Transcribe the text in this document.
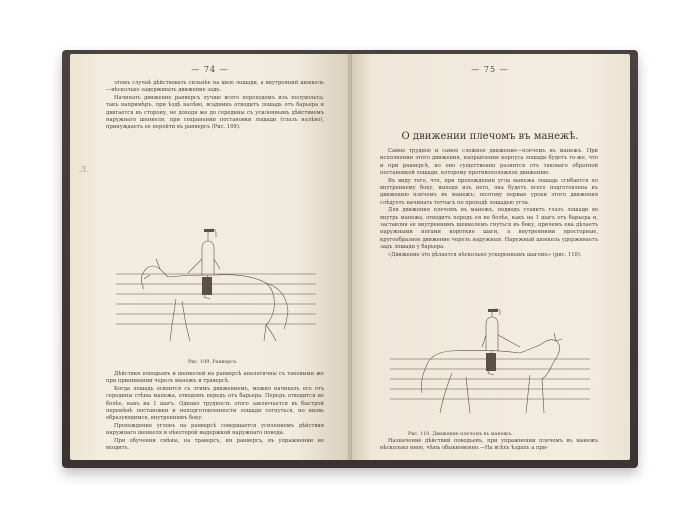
— 74 —

этомъ случаѣ дѣйствовать сильнѣе на шею лошади, а внутренний шенкель—нѣсколько задерживать движение задъ.

Начинать движение ранверсъ лучше всего переходомъ изъ полувольта; такъ напримѣръ, при ѣздѣ налѣво, всадникъ отводитъ лошадь отъ барьера и двигается въ сторону, не доходя же до середины съ усиленнымъ дѣйствиемъ наружнаго шенкеля, при сохранении постановки лошади (глазъ налѣво), принуждаетъ ее перейти въ ранверсъ (Рис. 109).

Рис. 109. Ранверсъ.

Дѣйствия поводьевъ и шенкелей на ранверсѣ аналогичны съ таковыми же при принимании черезъ манежъ и траверсѣ.

Когда лошадь освоится съ этимъ движениемъ, можно начинать его отъ середины стѣны манежа, отводомъ передъ отъ барьера. Передъ отводится не болѣе, какъ на 1 шагъ. Однако трудность этого заключается въ быстрой перемѣнѣ постановки и неподготовленности лошади согнуться, но вновь образующимся, внутреннимъ боку.

Прохождение угловъ на ранверсѣ совершается усилениемъ дѣйствия наружнаго шенкеля и нѣкоторой выдержкой наружнаго повода.

При обучении смѣны, на траверсъ, ни ранверсъ, въ упражнении не входитъ.

Л.
— 75 —
О движении плечомъ въ манежѣ.

Самое трудное и самое сложное движение—плечомъ въ манежъ. При исполнении этого движения, направление корпуса лошади будетъ то-же, что и при ранверсѣ, но оно существенно разнится отъ таковаго обратной постановкой лошади, которому противоположное движению.

Въ виду того, что, при прохождении угла манежа лошадь сгибается по внутреннему боку, выходя изъ него, она будетъ всего подготовлена къ движению плечомъ въ манежъ; поэтому первые уроки этого движения слѣдуетъ начинать тотчасъ по проходѣ лошадью угла.

Для движения плечомъ въ манежъ, подводъ ставитъ глазъ лошади во внутрь манежа, отводитъ передъ ея не болѣе, какъ на 1 шагъ отъ барьера и, заставляя ее внутреннимъ шенкелемъ гнуться въ боку, причемъ она дѣлаетъ наружными ногами короткие шаги, а внутренними просторные, кругообразное движение черезъ наружныя. Наружный шенкель удерживаетъ задъ лошади у барьера.

«Движение это дѣлается нѣсколько ускореннымъ шагомъ» (рис. 110).

Рис. 110. Движение плечомъ въ манежъ.

Назначение дѣйствий поводьевъ, при упражнении плечомъ въ манежъ нѣсколько иное, чѣмъ обыкновенно.—На всѣхъ ѣздахъ а при-
